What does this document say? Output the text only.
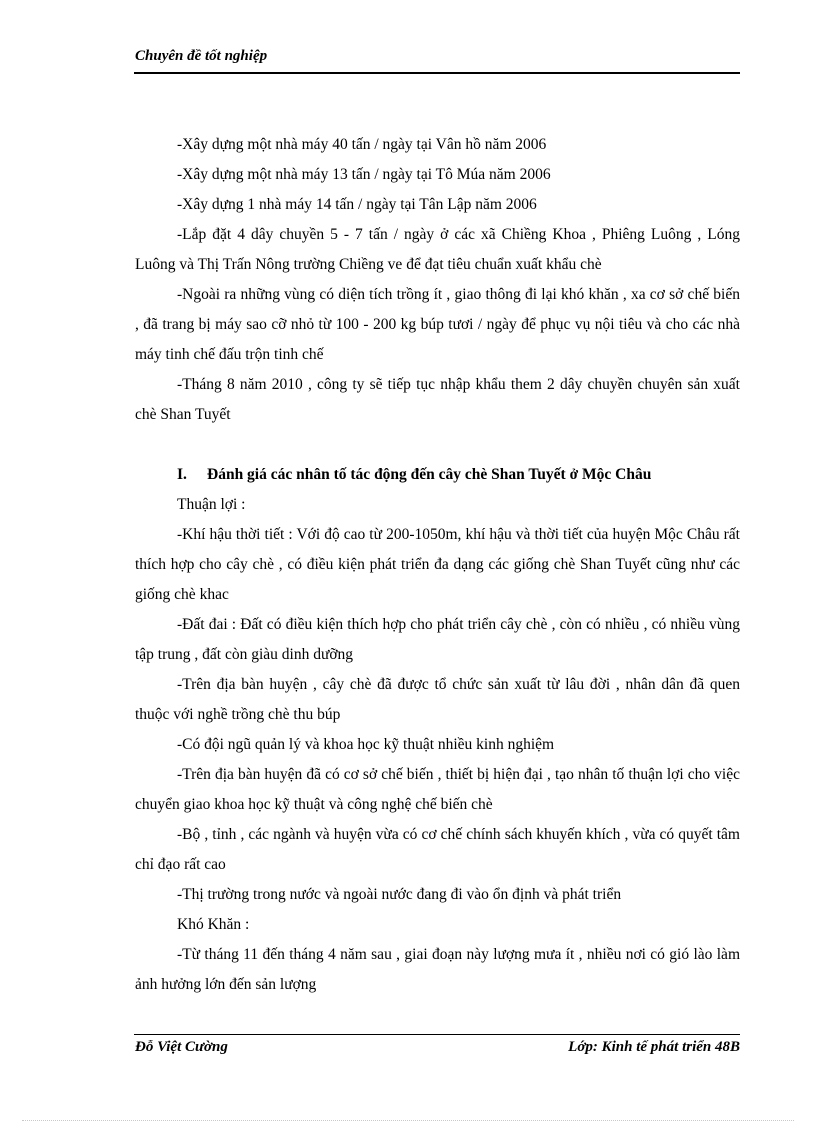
Chuyên đề tốt nghiệp

-Xây dựng một nhà máy 40 tấn / ngày tại Vân hồ năm 2006

-Xây dựng một nhà máy 13 tấn / ngày tại Tô Múa năm 2006

-Xây dựng 1 nhà máy 14 tấn / ngày tại Tân Lập năm 2006

-Lắp đặt 4 dây chuyền 5 - 7 tấn / ngày ở các xã Chiềng Khoa , Phiêng Luông , Lóng Luông và Thị Trấn Nông trường Chiềng ve để đạt tiêu chuẩn xuất khẩu chè

-Ngoài ra những vùng có diện tích trồng ít , giao thông đi lại khó khăn , xa cơ sở chế biến , đã trang bị máy sao cỡ nhỏ từ 100 - 200 kg búp tươi / ngày để phục vụ nội tiêu và cho các nhà máy tinh chế đấu trộn tinh chế

-Tháng 8 năm 2010 , công ty sẽ tiếp tục nhập khẩu them 2 dây chuyền chuyên sản xuất chè Shan Tuyết

I. Đánh giá các nhân tố tác động đến cây chè Shan Tuyết ở Mộc Châu

Thuận lợi :

-Khí hậu thời tiết : Với độ cao từ 200-1050m, khí hậu và thời tiết của huyện Mộc Châu rất thích hợp cho cây chè , có điều kiện phát triển đa dạng các giống chè Shan Tuyết cũng như các giống chè khac

-Đất đai : Đất có điều kiện thích hợp cho phát triển cây chè , còn có nhiều , có nhiều vùng tập trung , đất còn giàu dinh dưỡng

-Trên địa bàn huyện , cây chè đã được tổ chức sản xuất từ lâu đời , nhân dân đã quen thuộc với nghề trồng chè thu búp

-Có đội ngũ quản lý và khoa học kỹ thuật nhiều kinh nghiệm

-Trên địa bàn huyện đã có cơ sở chế biến , thiết bị hiện đại , tạo nhân tố thuận lợi cho việc chuyển giao khoa học kỹ thuật và công nghệ chế biến chè

-Bộ , tỉnh , các ngành và huyện vừa có cơ chế chính sách khuyến khích , vừa có quyết tâm chỉ đạo rất cao

-Thị trường trong nước và ngoài nước đang đi vào ổn định và phát triển

Khó Khăn :

-Từ tháng 11 đến tháng 4 năm sau , giai đoạn này lượng mưa ít , nhiều nơi có gió lào làm ảnh hưởng lớn đến sản lượng

Đỗ Việt Cường	Lớp: Kinh tế phát triển 48B
